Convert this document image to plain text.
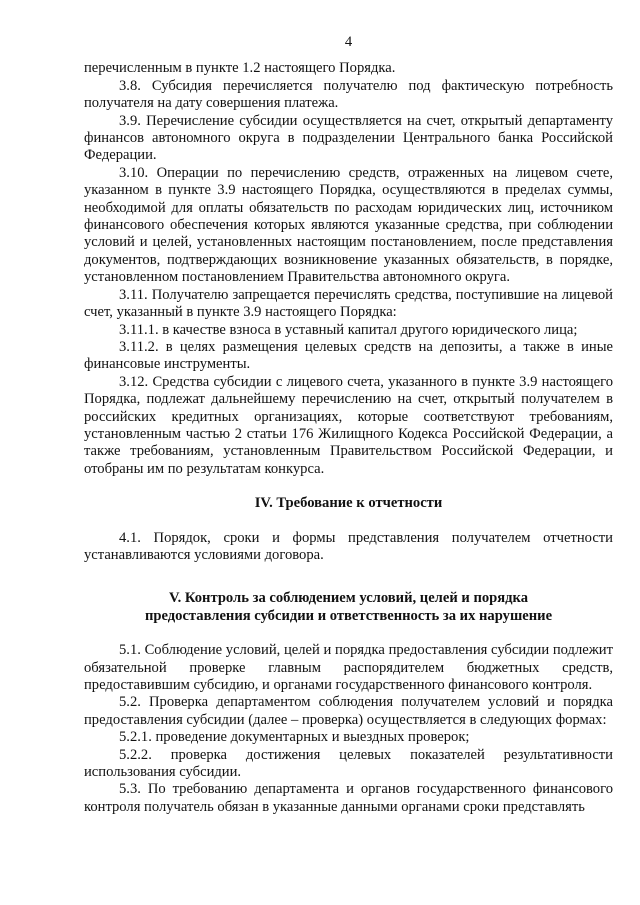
4

перечисленным в пункте 1.2 настоящего Порядка.

3.8. Субсидия перечисляется получателю под фактическую потребность получателя на дату совершения платежа.

3.9. Перечисление субсидии осуществляется на счет, открытый департаменту финансов автономного округа в подразделении Центрального банка Российской Федерации.

3.10. Операции по перечислению средств, отраженных на лицевом счете, указанном в пункте 3.9 настоящего Порядка, осуществляются в пределах суммы, необходимой для оплаты обязательств по расходам юридических лиц, источником финансового обеспечения которых являются указанные средства, при соблюдении условий и целей, установленных настоящим постановлением, после представления документов, подтверждающих возникновение указанных обязательств, в порядке, установленном постановлением Правительства автономного округа.

3.11. Получателю запрещается перечислять средства, поступившие на лицевой счет, указанный в пункте 3.9 настоящего Порядка:

3.11.1. в качестве взноса в уставный капитал другого юридического лица;

3.11.2. в целях размещения целевых средств на депозиты, а также в иные финансовые инструменты.

3.12. Средства субсидии с лицевого счета, указанного в пункте 3.9 настоящего Порядка, подлежат дальнейшему перечислению на счет, открытый получателем в российских кредитных организациях, которые соответствуют требованиям, установленным частью 2 статьи 176 Жилищного Кодекса Российской Федерации, а также требованиям, установленным Правительством Российской Федерации, и отобраны им по результатам конкурса.

IV. Требование к отчетности

4.1. Порядок, сроки и формы представления получателем отчетности устанавливаются условиями договора.

V. Контроль за соблюдением условий, целей и порядка

предоставления субсидии и ответственность за их нарушение

5.1. Соблюдение условий, целей и порядка предоставления субсидии подлежит обязательной проверке главным распорядителем бюджетных средств, предоставившим субсидию, и органами государственного финансового контроля.

5.2. Проверка департаментом соблюдения получателем условий и порядка предоставления субсидии (далее – проверка) осуществляется в следующих формах:

5.2.1. проведение документарных и выездных проверок;

5.2.2. проверка достижения целевых показателей результативности использования субсидии.

5.3. По требованию департамента и органов государственного финансового контроля получатель обязан в указанные данными органами сроки представлять
